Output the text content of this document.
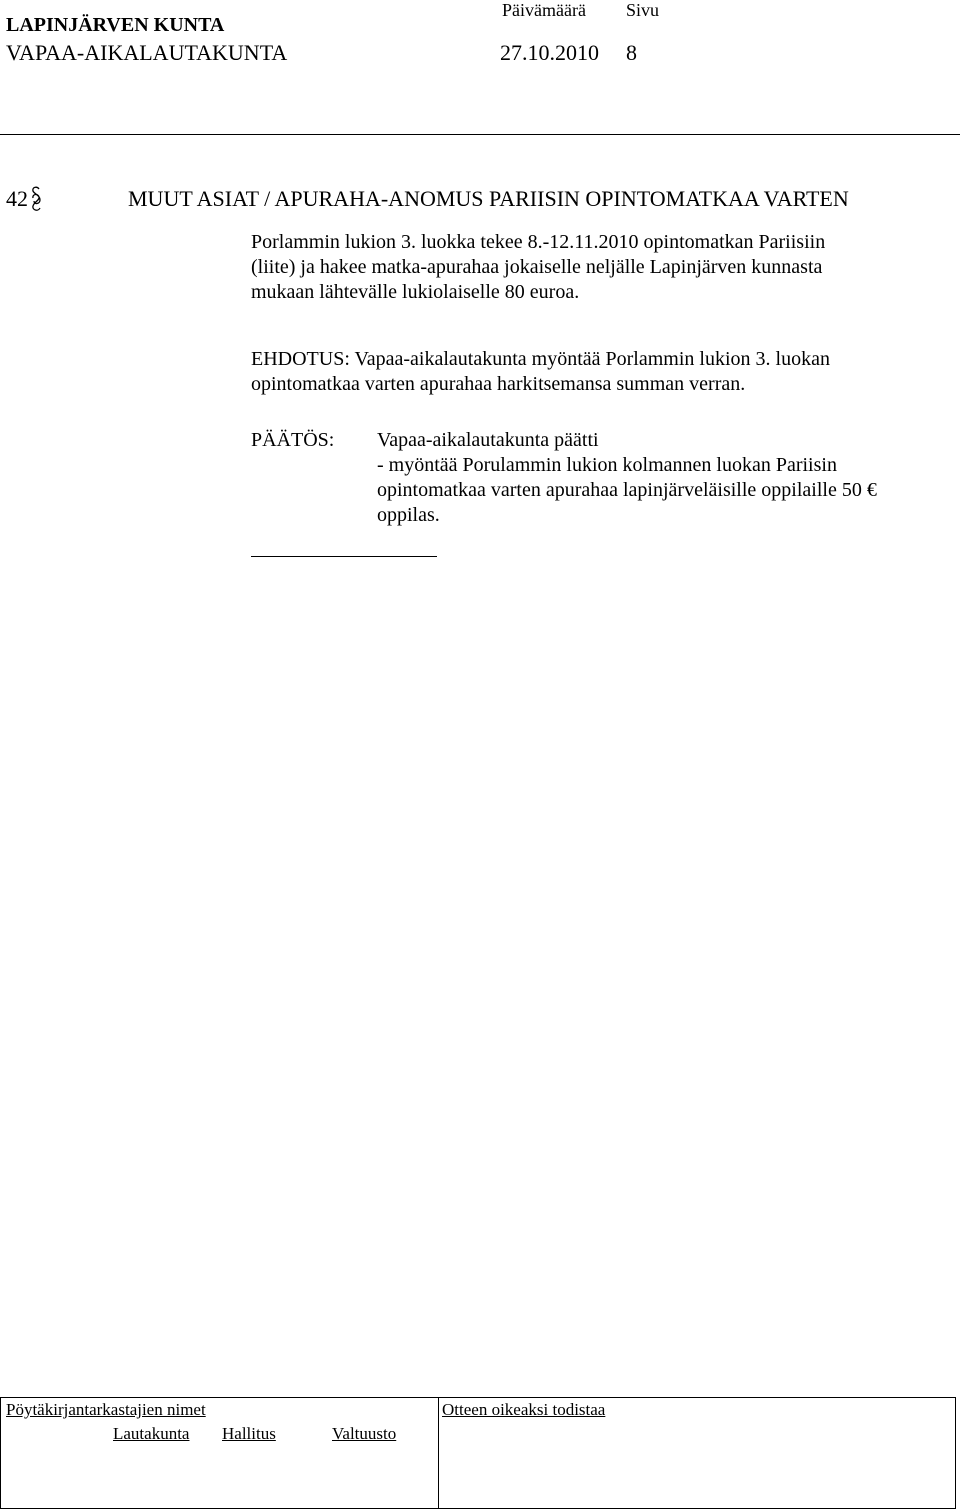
LAPINJÄRVEN KUNTA
VAPAA-AIKALAUTAKUNTA
Päivämäärä Sivu
27.10.2010 8
42	MUUT ASIAT / APURAHA-ANOMUS PARIISIN OPINTOMATKAA VARTEN
Porlammin lukion 3. luokka tekee 8.-12.11.2010 opintomatkan Pariisiin
(liite) ja hakee matka-apurahaa jokaiselle neljälle Lapinjärven kunnasta
mukaan lähtevälle lukiolaiselle 80 euroa.
EHDOTUS: Vapaa-aikalautakunta myöntää Porlammin lukion 3. luokan
opintomatkaa varten apurahaa harkitsemansa summan verran.
PÄÄTÖS: Vapaa-aikalautakunta päätti
- myöntää Porulammin lukion kolmannen luokan Pariisin
opintomatkaa varten apurahaa lapinjärveläisille oppilaille 50 €
oppilas.
Pöytäkirjantarkastajien nimet	Otteen oikeaksi todistaa
Lautakunta Hallitus	Valtuusto
